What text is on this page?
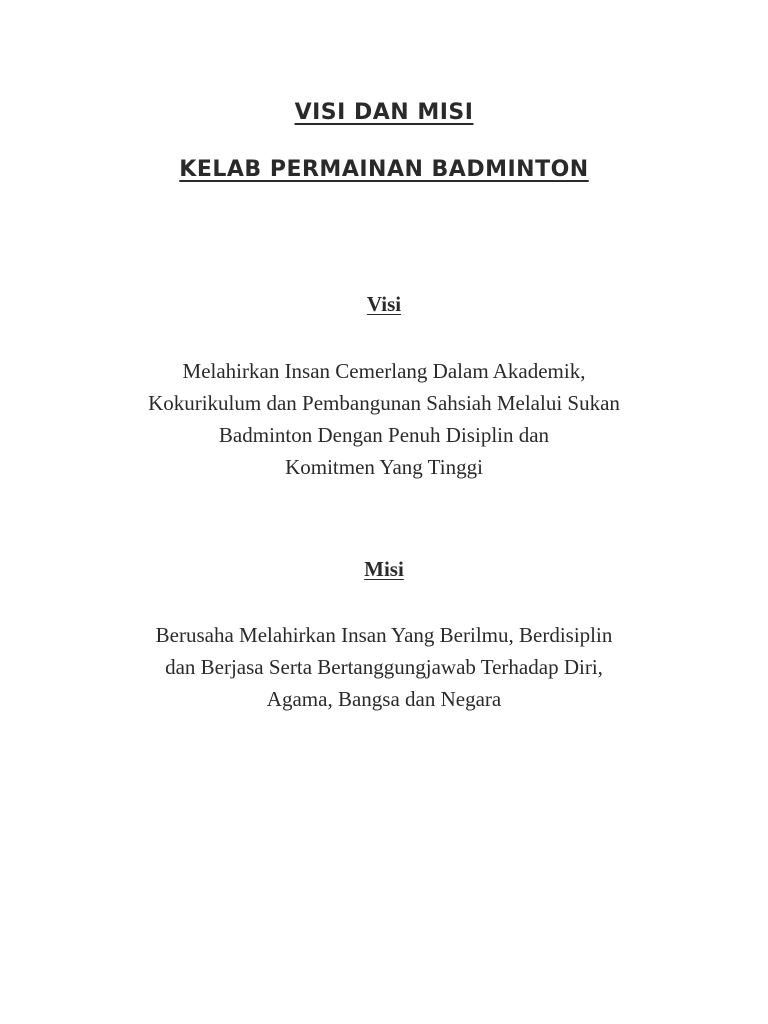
VISI DAN MISI
KELAB PERMAINAN BADMINTON
Visi

Melahirkan Insan Cemerlang Dalam Akademik,
Kokurikulum dan Pembangunan Sahsiah Melalui Sukan
Badminton Dengan Penuh Disiplin dan
Komitmen Yang Tinggi

Misi

Berusaha Melahirkan Insan Yang Berilmu, Berdisiplin
dan Berjasa Serta Bertanggungjawab Terhadap Diri,
Agama, Bangsa dan Negara
